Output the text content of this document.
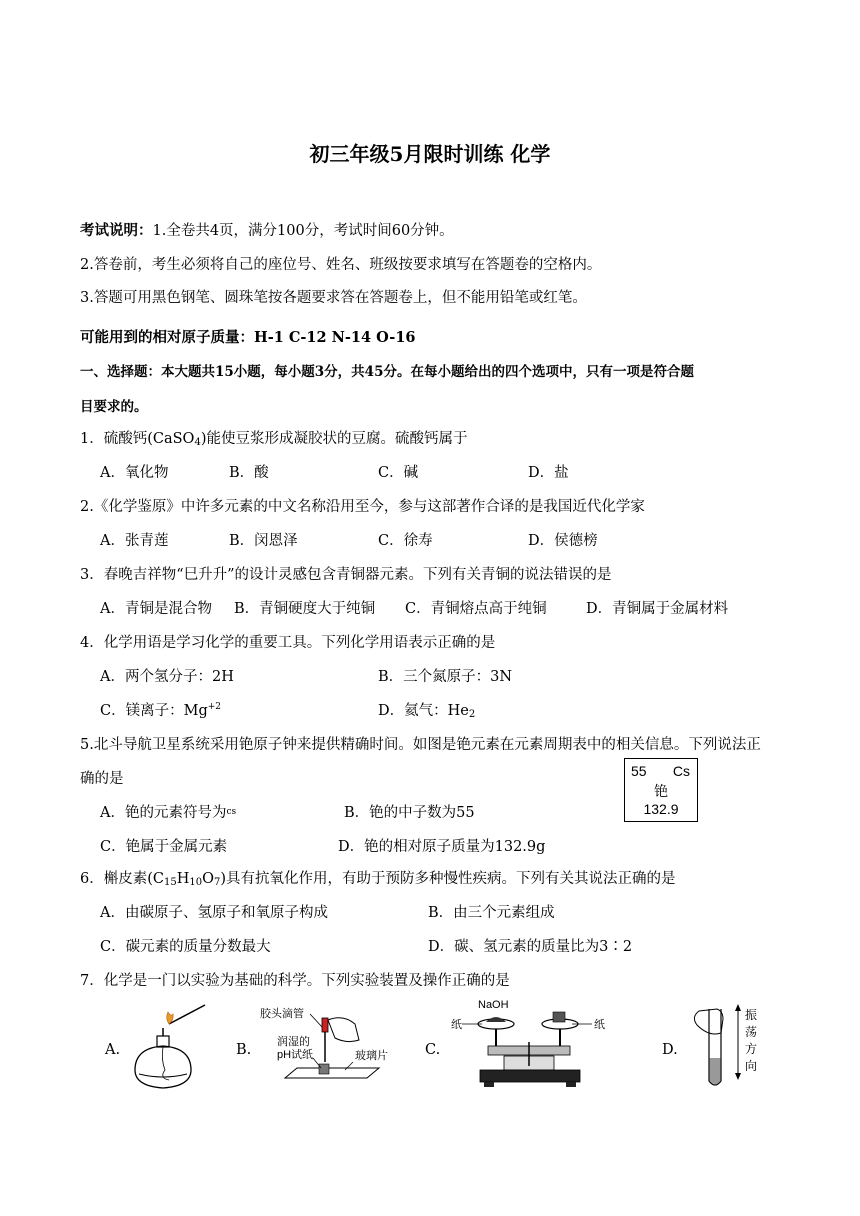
初三年级5月限时训练 化学
考试说明：1.全卷共4页，满分100分，考试时间60分钟。
2.答卷前，考生必须将自己的座位号、姓名、班级按要求填写在答题卷的空格内。
3.答题可用黑色钢笔、圆珠笔按各题要求答在答题卷上，但不能用铅笔或红笔。
可能用到的相对原子质量：H-1 C-12 N-14 O-16
一、选择题：本大题共15小题，每小题3分，共45分。在每小题给出的四个选项中，只有一项是符合题
目要求的。
1．硫酸钙(CaSO$_4$)能使豆浆形成凝胶状的豆腐。硫酸钙属于
A．氧化物	B．酸	C．碱	D．盐
2.《化学鉴原》中许多元素的中文名称沿用至今，参与这部著作合译的是我国近代化学家
A．张青莲	B．闵恩泽	C．徐寿	D．侯德榜
3．春晚吉祥物“巳升升”的设计灵感包含青铜器元素。下列有关青铜的说法错误的是
A．青铜是混合物 B．青铜硬度大于纯铜 C．青铜熔点高于纯铜	D．青铜属于金属材料
4．化学用语是学习化学的重要工具。下列化学用语表示正确的是
A．两个氢分子：2H	B．三个氮原子：3N
C．镁离子：$Mg^{+2}$	D．氦气：$He_2$
5.北斗导航卫星系统采用铯原子钟来提供精确时间。如图是铯元素在元素周期表中的相关信息。下列说法正
确的是
A．铯的元素符号为$^{cs}$	B．铯的中子数为55
C．铯属于金属元素	D．铯的相对原子质量为132.9g
55 Cs
铯
132.9
6．槲皮素$(C_{15}H_{10}O_7)$具有抗氧化作用，有助于预防多种慢性疾病。下列有关其说法正确的是
A．由碳原子、氢原子和氧原子构成	B．由三个元素组成
C．碳元素的质量分数最大	D．碳、氢元素的质量比为3∶2
7．化学是一门以实验为基础的科学。下列实验装置及操作正确的是
A.	B.	C.	D.
胶头滴管
润湿的
pH试纸	玻璃片
NaOH
纸	纸
振
荡
方
向
